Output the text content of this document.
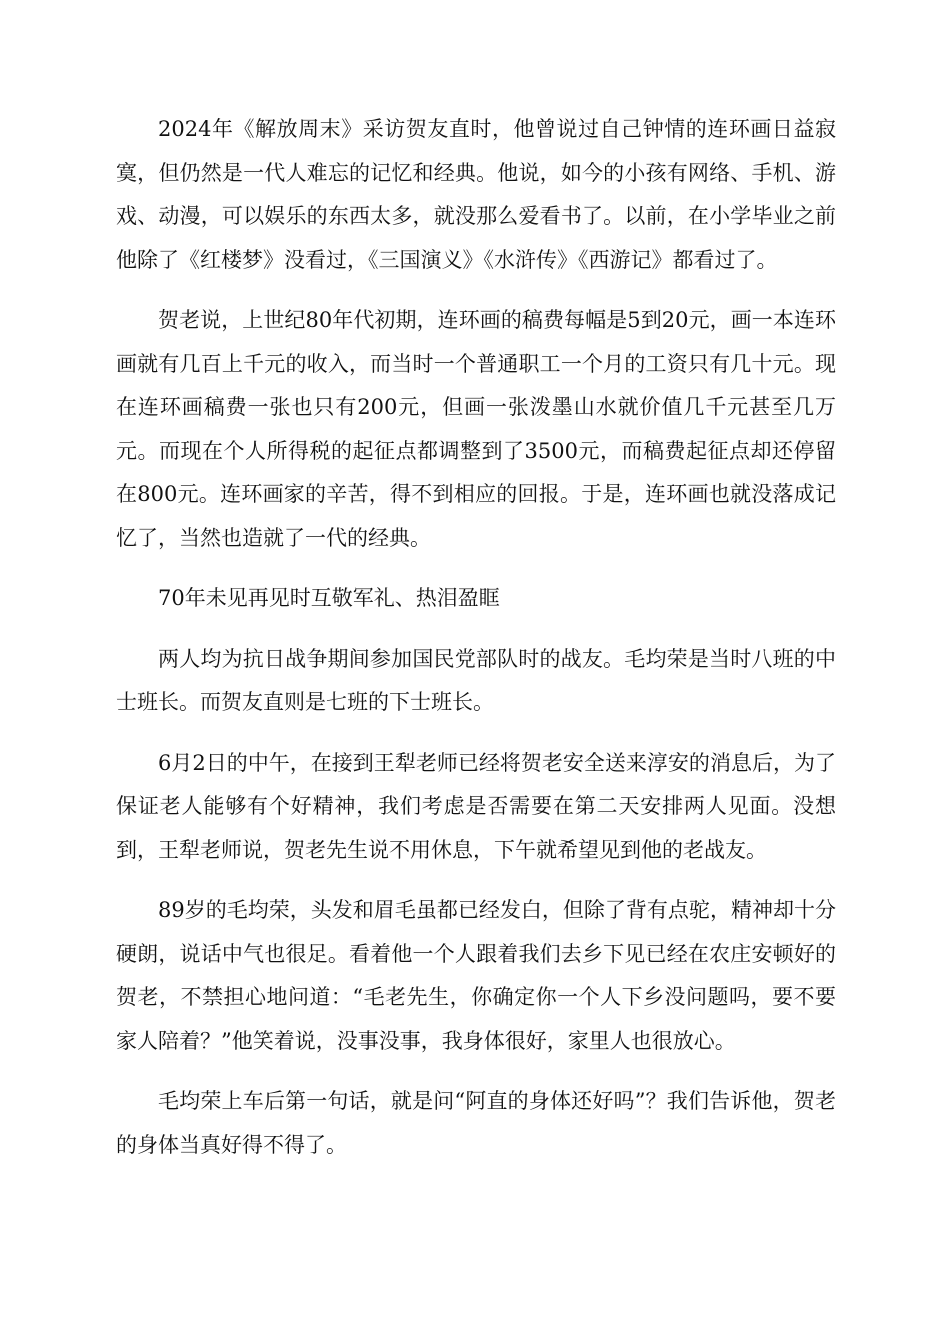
2024年《解放周末》采访贺友直时，他曾说过自己钟情的连环画日益寂寞，但仍然是一代人难忘的记忆和经典。他说，如今的小孩有网络、手机、游戏、动漫，可以娱乐的东西太多，就没那么爱看书了。以前，在小学毕业之前他除了《红楼梦》没看过，《三国演义》《水浒传》《西游记》都看过了。

贺老说，上世纪80年代初期，连环画的稿费每幅是5到20元，画一本连环画就有几百上千元的收入，而当时一个普通职工一个月的工资只有几十元。现在连环画稿费一张也只有200元，但画一张泼墨山水就价值几千元甚至几万元。而现在个人所得税的起征点都调整到了3500元，而稿费起征点却还停留在800元。连环画家的辛苦，得不到相应的回报。于是，连环画也就没落成记忆了，当然也造就了一代的经典。

70年未见再见时互敬军礼、热泪盈眶

两人均为抗日战争期间参加国民党部队时的战友。毛均荣是当时八班的中士班长。而贺友直则是七班的下士班长。

6月2日的中午，在接到王犁老师已经将贺老安全送来淳安的消息后，为了保证老人能够有个好精神，我们考虑是否需要在第二天安排两人见面。没想到，王犁老师说，贺老先生说不用休息，下午就希望见到他的老战友。

89岁的毛均荣，头发和眉毛虽都已经发白，但除了背有点驼，精神却十分硬朗，说话中气也很足。看着他一个人跟着我们去乡下见已经在农庄安顿好的贺老，不禁担心地问道：“毛老先生，你确定你一个人下乡没问题吗，要不要家人陪着？”他笑着说，没事没事，我身体很好，家里人也很放心。

毛均荣上车后第一句话，就是问“阿直的身体还好吗”？我们告诉他，贺老的身体当真好得不得了。
